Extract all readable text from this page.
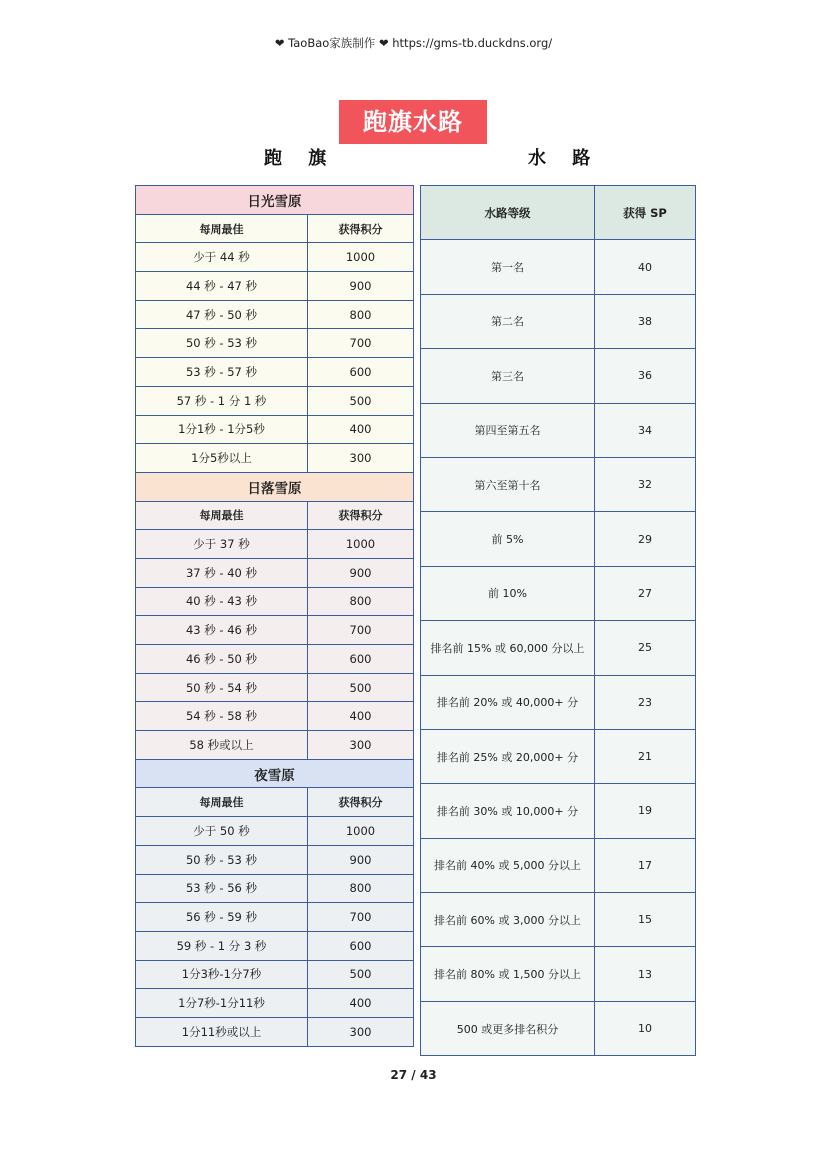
❤ TaoBao家族制作 ❤ https://gms-tb.duckdns.org/
跑旗水路
跑 旗	水 路
日光雪原	
每周最佳	获得积分
少于 44 秒	1000
44 秒 - 47 秒	900
47 秒 - 50 秒	800
50 秒 - 53 秒	700
53 秒 - 57 秒	600
57 秒 - 1 分 1 秒	500
1分1秒 - 1分5秒	400
1分5秒以上	300
日落雪原	
每周最佳	获得积分
少于 37 秒	1000
37 秒 - 40 秒	900
40 秒 - 43 秒	800
43 秒 - 46 秒	700
46 秒 - 50 秒	600
50 秒 - 54 秒	500
54 秒 - 58 秒	400
58 秒或以上	300
夜雪原	
每周最佳	获得积分
少于 50 秒	1000
50 秒 - 53 秒	900
53 秒 - 56 秒	800
56 秒 - 59 秒	700
59 秒 - 1 分 3 秒	600
1分3秒-1分7秒	500
1分7秒-1分11秒	400
1分11秒或以上	300
水路等级	获得 SP
第一名	40
第二名	38
第三名	36
第四至第五名	34
第六至第十名	32
前 5%	29
前 10%	27
排名前 15% 或 60,000 分以上	25
排名前 20% 或 40,000+ 分	23
排名前 25% 或 20,000+ 分	21
排名前 30% 或 10,000+ 分	19
排名前 40% 或 5,000 分以上	17
排名前 60% 或 3,000 分以上	15
排名前 80% 或 1,500 分以上	13
500 或更多排名积分	10
27 / 43
